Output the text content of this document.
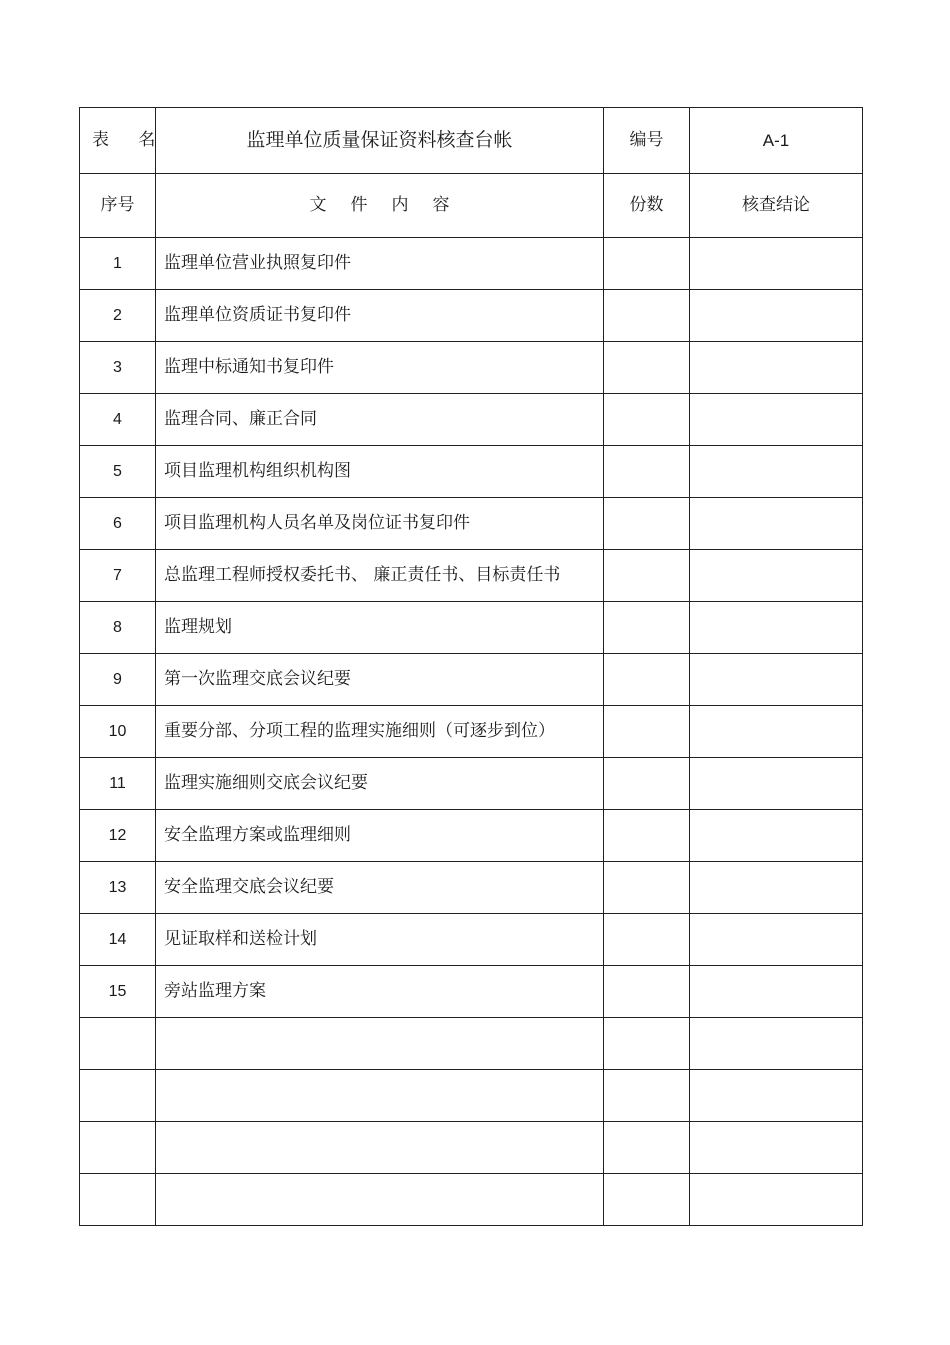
表 名	监理单位质量保证资料核查台帐	编号	A-1
序号	文 件 内 容	份数	核查结论
1	监理单位营业执照复印件		
2	监理单位资质证书复印件		
3	监理中标通知书复印件		
4	监理合同、廉正合同		
5	项目监理机构组织机构图		
6	项目监理机构人员名单及岗位证书复印件		
7	总监理工程师授权委托书、 廉正责任书、目标责任书		
8	监理规划		
9	第一次监理交底会议纪要		
10	重要分部、分项工程的监理实施细则（可逐步到位）		
11	监理实施细则交底会议纪要		
12	安全监理方案或监理细则		
13	安全监理交底会议纪要		
14	见证取样和送检计划		
15	旁站监理方案		
